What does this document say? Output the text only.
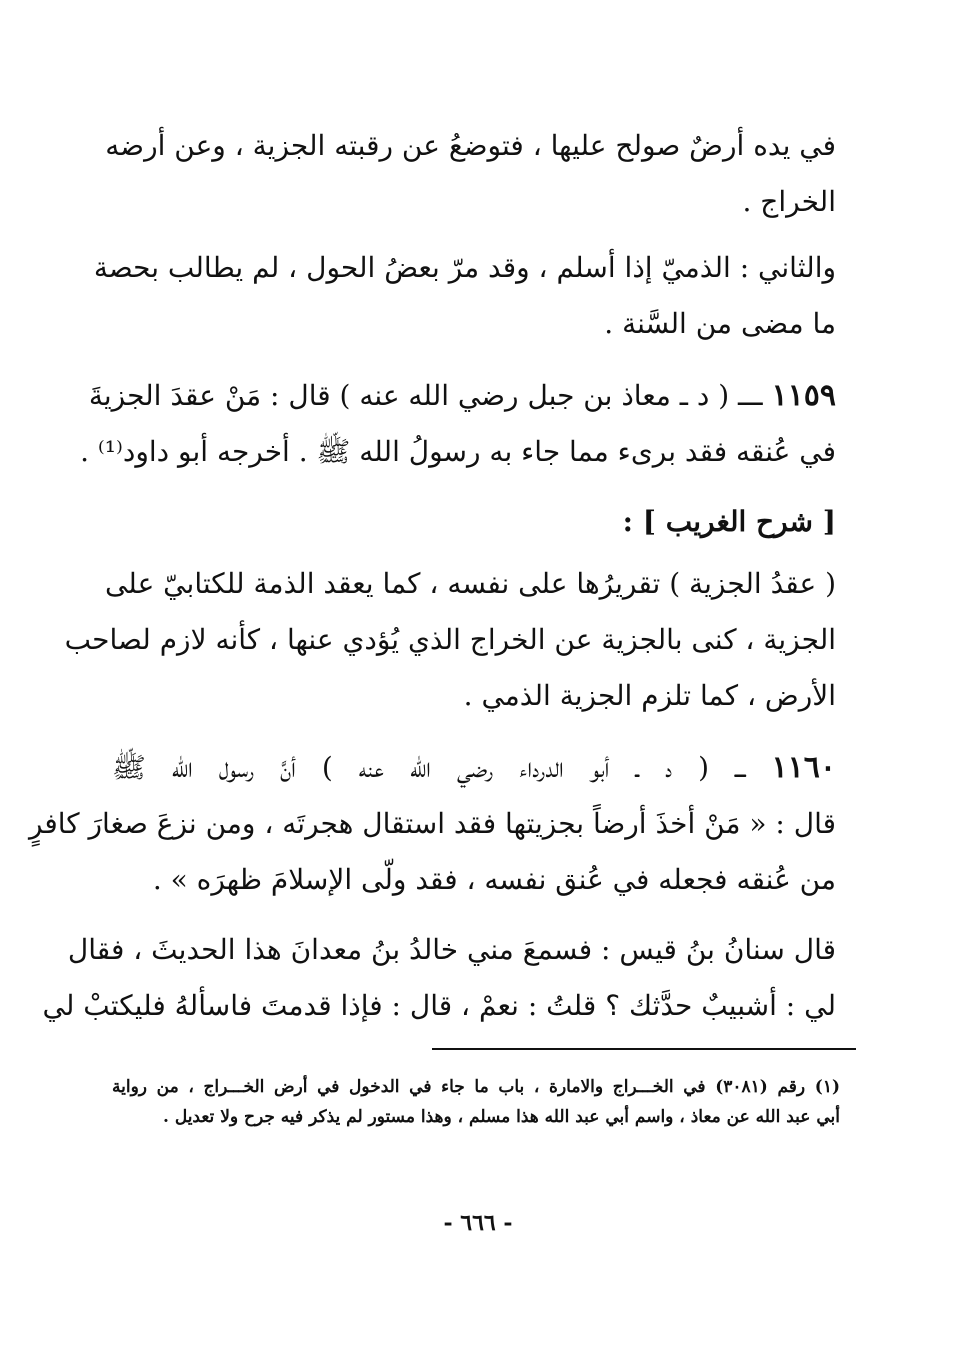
في يده أرضٌ صولح عليها ، فتوضعُ عن رقبته الجزية ، وعن أرضه
الخراج .
والثاني : الذميّ إذا أسلم ، وقد مرّ بعضُ الحول ، لم يطالب بحصة
ما مضى من السَّنة .
١١٥٩ ـــ ( د ـ معاذ بن جبل رضي الله عنه ) قال : مَنْ عقدَ الجزيةَ
في عُنقه فقد برىء مما جاء به رسولُ الله ﷺ . أخرجه أبو داود⁽¹⁾ .
[ شرح الغريب ] :
( عقدُ الجزية ) تقريرُها على نفسه ، كما يعقد الذمة للكتابيّ على
الجزية ، كنى بالجزية عن الخراج الذي يُؤدي عنها ، كأنه لازم لصاحب
الأرض ، كما تلزم الجزية الذمي .
١١٦٠ ـــ ( د ـ أبو الدرداء رضي الله عنه ) أنَّ رسول الله ﷺ
قال : « مَنْ أخذَ أرضاً بجزيتها فقد استقال هجرتَه ، ومن نزعَ صغارَ كافرٍ
من عُنقه فجعله في عُنق نفسه ، فقد ولّى الإسلامَ ظهرَه » .
قال سنانُ بنُ قيس : فسمعَ مني خالدُ بنُ معدانَ هذا الحديثَ ، فقال
لي : أشبيبٌ حدَّثك ؟ قلتُ : نعمْ ، قال : فإذا قدمتَ فاسألهُ فليكتبْ لي
(١) رقم (٣٠٨١) في الخـــراج والامارة ، باب ما جاء في الدخول في أرض الخـــراج ، من رواية
أبي عبد الله عن معاذ ، واسم أبي عبد الله هذا مسلم ، وهذا مستور لم يذكر فيه جرح ولا تعديل .
- ٦٦٦ -
